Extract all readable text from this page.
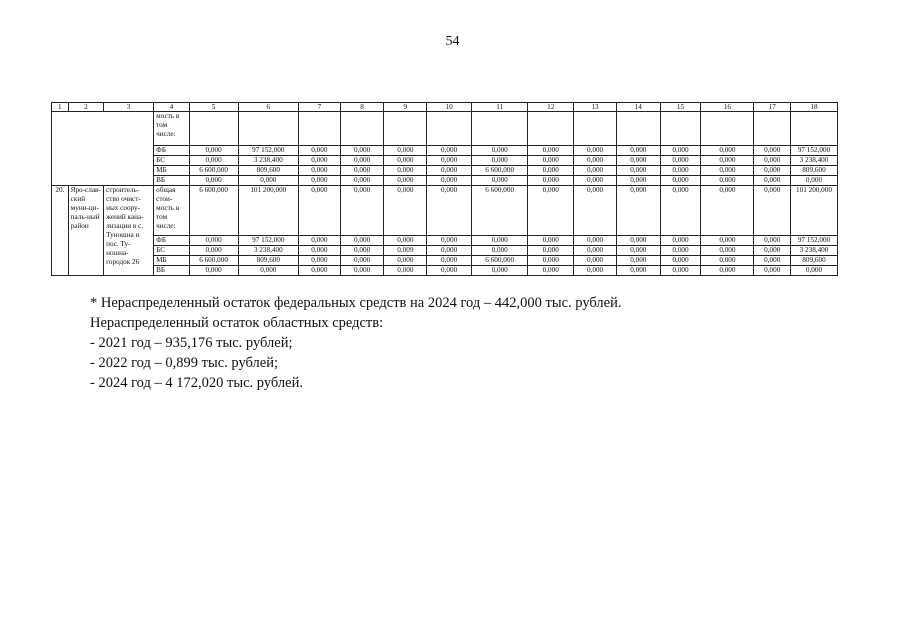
54
1	2	3	4	5	6	7	8	9	10	11	12	13	14	15	16	17	18
			мость в том числе:														
			ФБ	0,000	97 152,000	0,000	0,000	0,000	0,000	0,000	0,000	0,000	0,000	0,000	0,000	0,000	97 152,000
			БС	0,000	3 238,400	0,000	0,000	0,000	0,000	0,000	0,000	0,000	0,000	0,000	0,000	0,000	3 238,400
			МБ	6 600,000	809,600	0,000	0,000	0,000	0,000	6 600,000	0,000	0,000	0,000	0,000	0,000	0,000	809,600
			ВБ	0,000	0,000	0,000	0,000	0,000	0,000	0,000	0,000	0,000	0,000	0,000	0,000	0,000	0,000
20.	Яро-слав-ский муни-ци-паль-ный район	строитель-ство очист-ных соору-жений кана-лизации в с. Туношна и пос. Ту-ношна-городок 26	общая стои-мость в том числе:	6 600,000	101 200,000	0,000	0,000	0,000	0,000	6 600,000	0,000	0,000	0,000	0,000	0,000	0,000	101 200,000
			ФБ	0,000	97 152,000	0,000	0,000	0,000	0,000	0,000	0,000	0,000	0,000	0,000	0,000	0,000	97 152,000
			БС	0,000	3 238,400	0,000	0,000	0,009	0,000	0,000	0,000	0,000	0,000	0,000	0,000	0,000	3 238,400
			МБ	6 600,000	809,600	0,000	0,000	0,000	0,000	6 600,000	0,000	0,000	0,000	0,000	0,000	0,000	809,600
			ВБ	0,000	0,000	0,000	0,000	0,000	0,000	0,000	0,000	0,000	0,000	0,000	0,000	0,000	0,000
* Нераспределенный остаток федеральных средств на 2024 год – 442,000 тыс. рублей.
Нераспределенный остаток областных средств:
- 2021 год – 935,176 тыс. рублей;
- 2022 год – 0,899 тыс. рублей;
- 2024 год – 4 172,020 тыс. рублей.
